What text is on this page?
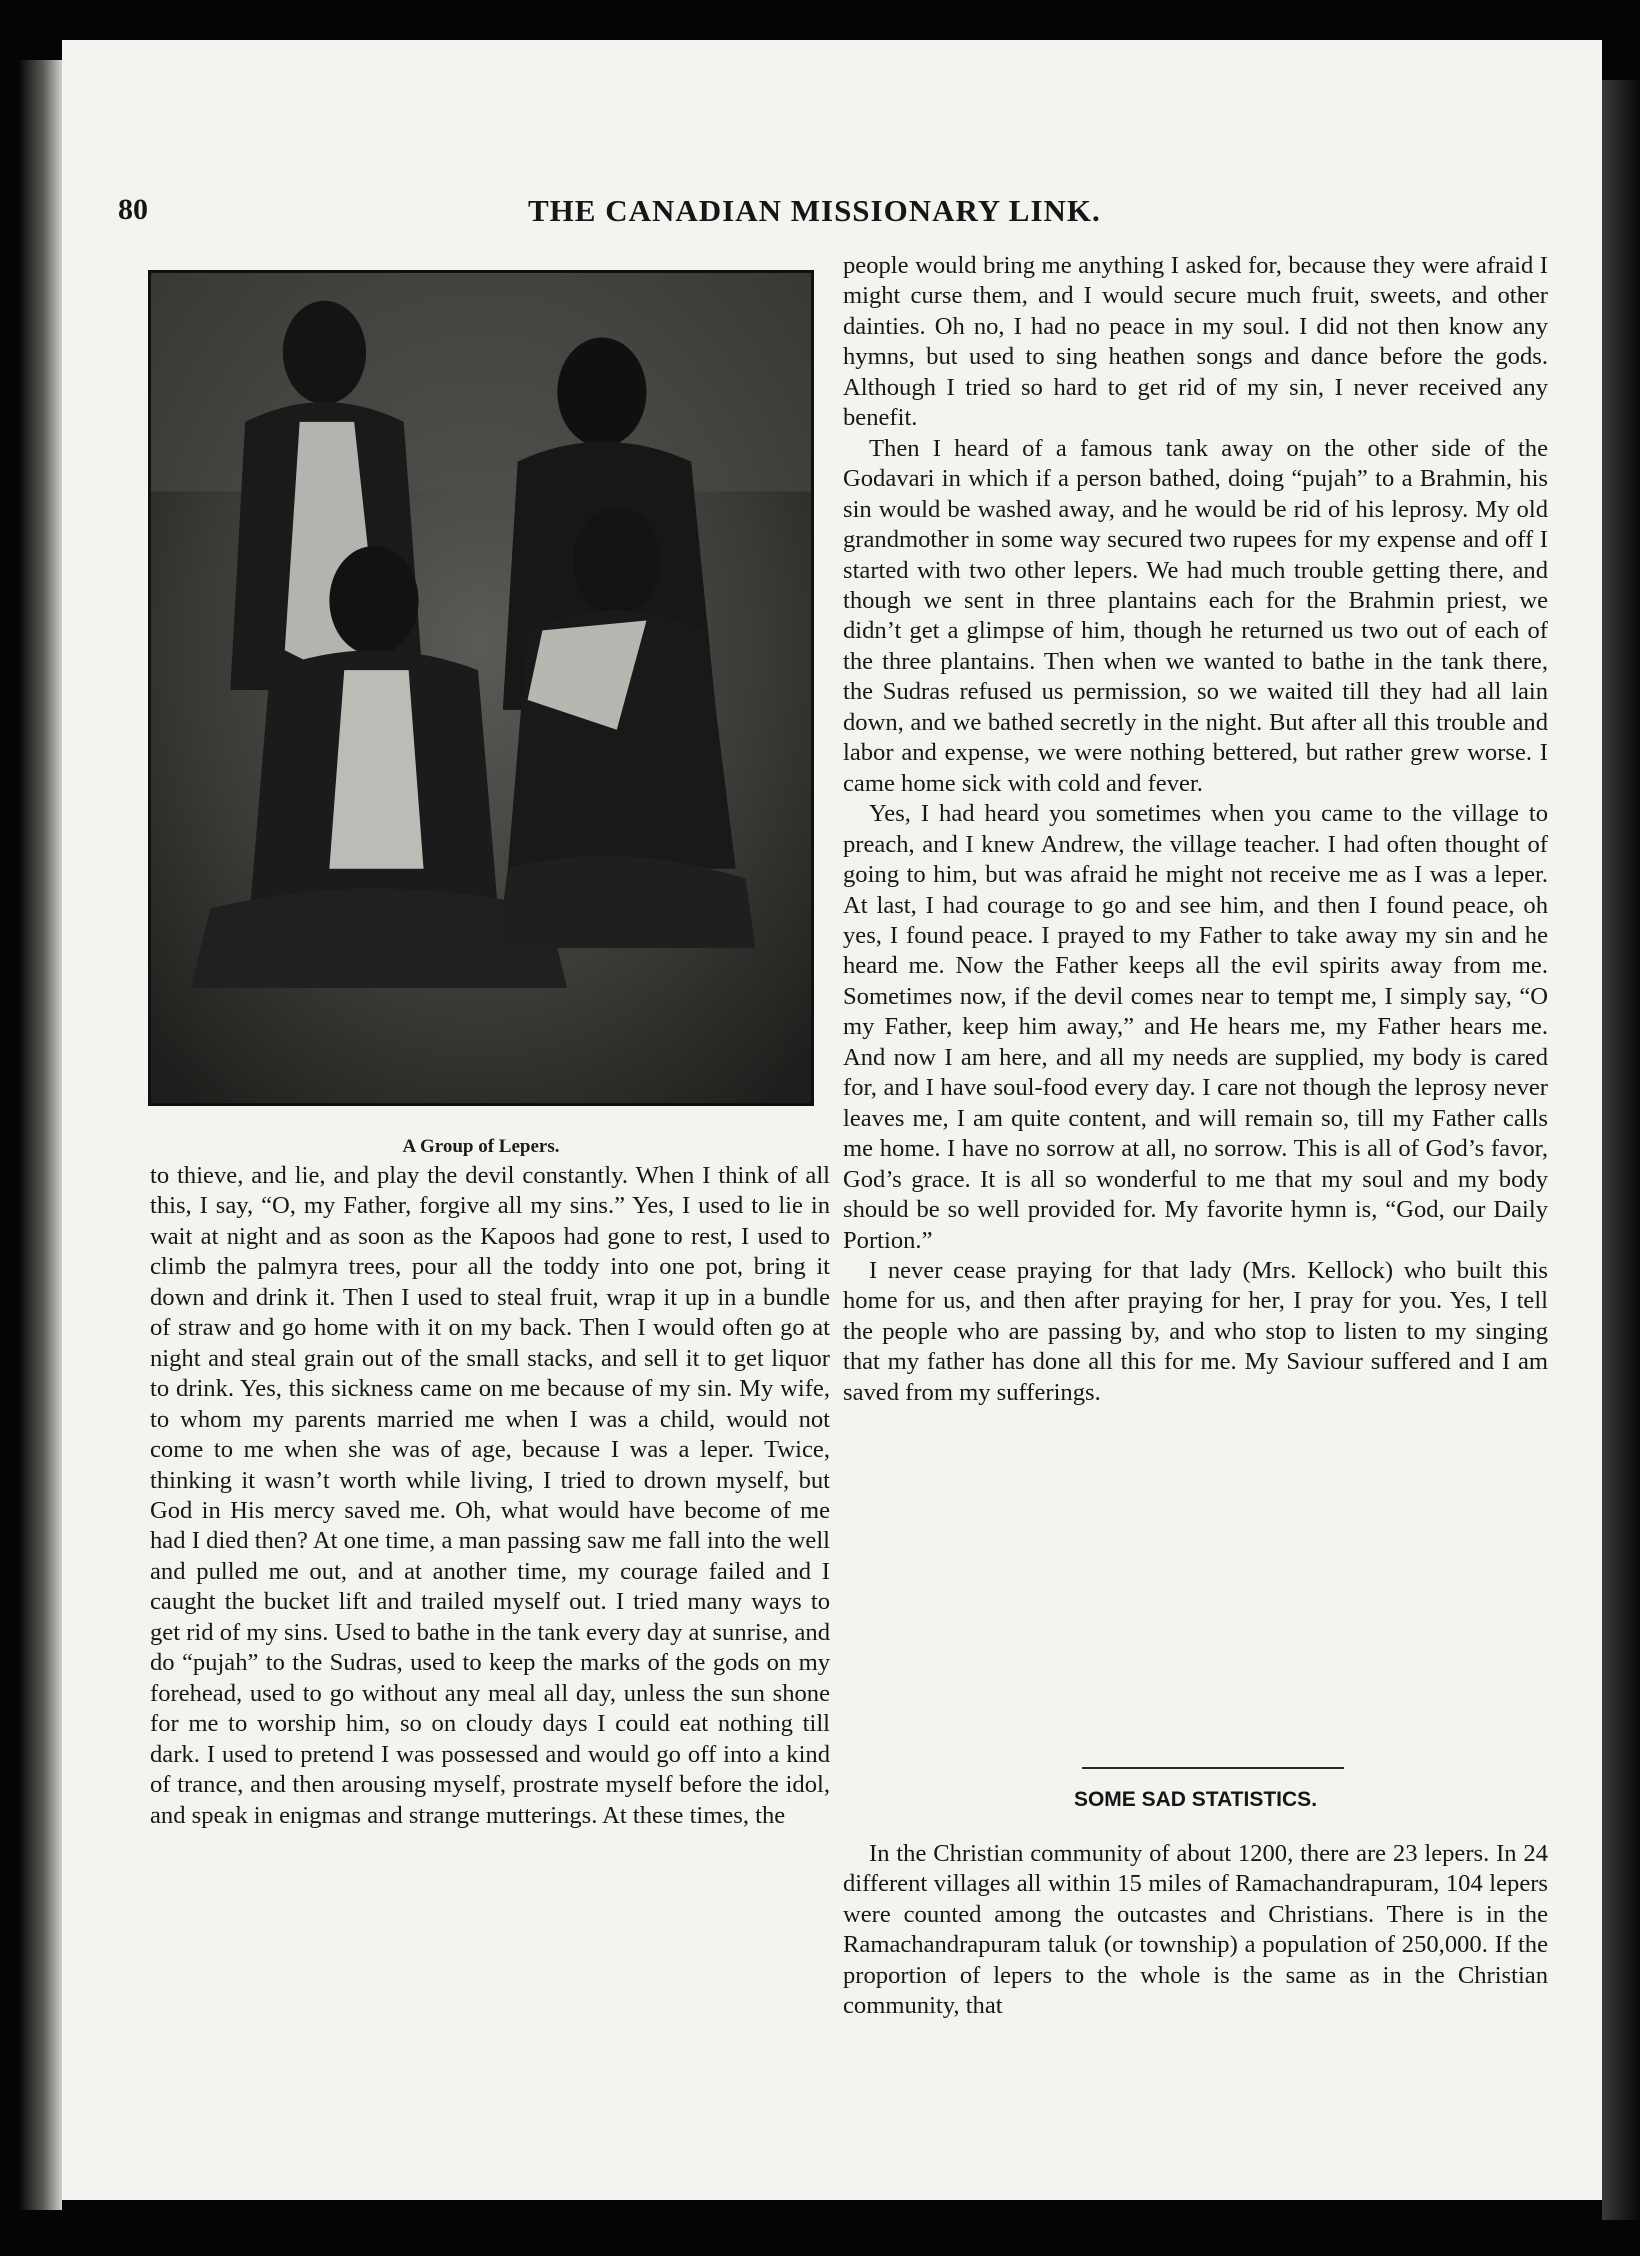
80	THE CANADIAN MISSIONARY LINK.
A Group of Lepers.

to thieve, and lie, and play the devil constantly. When I think of all this, I say, “O, my Father, forgive all my sins.” Yes, I used to lie in wait at night and as soon as the Kapoos had gone to rest, I used to climb the palmyra trees, pour all the toddy into one pot, bring it down and drink it. Then I used to steal fruit, wrap it up in a bundle of straw and go home with it on my back. Then I would often go at night and steal grain out of the small stacks, and sell it to get liquor to drink. Yes, this sickness came on me because of my sin. My wife, to whom my parents married me when I was a child, would not come to me when she was of age, because I was a leper. Twice, thinking it wasn’t worth while living, I tried to drown myself, but God in His mercy saved me. Oh, what would have become of me had I died then? At one time, a man passing saw me fall into the well and pulled me out, and at another time, my courage failed and I caught the bucket lift and trailed myself out. I tried many ways to get rid of my sins. Used to bathe in the tank every day at sunrise, and do “pujah” to the Sudras, used to keep the marks of the gods on my forehead, used to go without any meal all day, unless the sun shone for me to worship him, so on cloudy days I could eat nothing till dark. I used to pretend I was possessed and would go off into a kind of trance, and then arousing myself, prostrate myself before the idol, and speak in enigmas and strange mutterings. At these times, the

people would bring me anything I asked for, because they were afraid I might curse them, and I would secure much fruit, sweets, and other dainties. Oh no, I had no peace in my soul. I did not then know any hymns, but used to sing heathen songs and dance before the gods. Although I tried so hard to get rid of my sin, I never received any benefit.

Then I heard of a famous tank away on the other side of the Godavari in which if a person bathed, doing “pujah” to a Brahmin, his sin would be washed away, and he would be rid of his leprosy. My old grandmother in some way secured two rupees for my expense and off I started with two other lepers. We had much trouble getting there, and though we sent in three plantains each for the Brahmin priest, we didn’t get a glimpse of him, though he returned us two out of each of the three plantains. Then when we wanted to bathe in the tank there, the Sudras refused us permission, so we waited till they had all lain down, and we bathed secretly in the night. But after all this trouble and labor and expense, we were nothing bettered, but rather grew worse. I came home sick with cold and fever.

Yes, I had heard you sometimes when you came to the village to preach, and I knew Andrew, the village teacher. I had often thought of going to him, but was afraid he might not receive me as I was a leper. At last, I had courage to go and see him, and then I found peace, oh yes, I found peace. I prayed to my Father to take away my sin and he heard me. Now the Father keeps all the evil spirits away from me. Sometimes now, if the devil comes near to tempt me, I simply say, “O my Father, keep him away,” and He hears me, my Father hears me. And now I am here, and all my needs are supplied, my body is cared for, and I have soul-food every day. I care not though the leprosy never leaves me, I am quite content, and will remain so, till my Father calls me home. I have no sorrow at all, no sorrow. This is all of God’s favor, God’s grace. It is all so wonderful to me that my soul and my body should be so well provided for. My favorite hymn is, “God, our Daily Portion.”

I never cease praying for that lady (Mrs. Kellock) who built this home for us, and then after praying for her, I pray for you. Yes, I tell the people who are passing by, and who stop to listen to my singing that my father has done all this for me. My Saviour suffered and I am saved from my sufferings.

SOME SAD STATISTICS.

In the Christian community of about 1200, there are 23 lepers. In 24 different villages all within 15 miles of Ramachandrapuram, 104 lepers were counted among the outcastes and Christians. There is in the Ramachandrapuram taluk (or township) a population of 250,000. If the proportion of lepers to the whole is the same as in the Christian community, that
